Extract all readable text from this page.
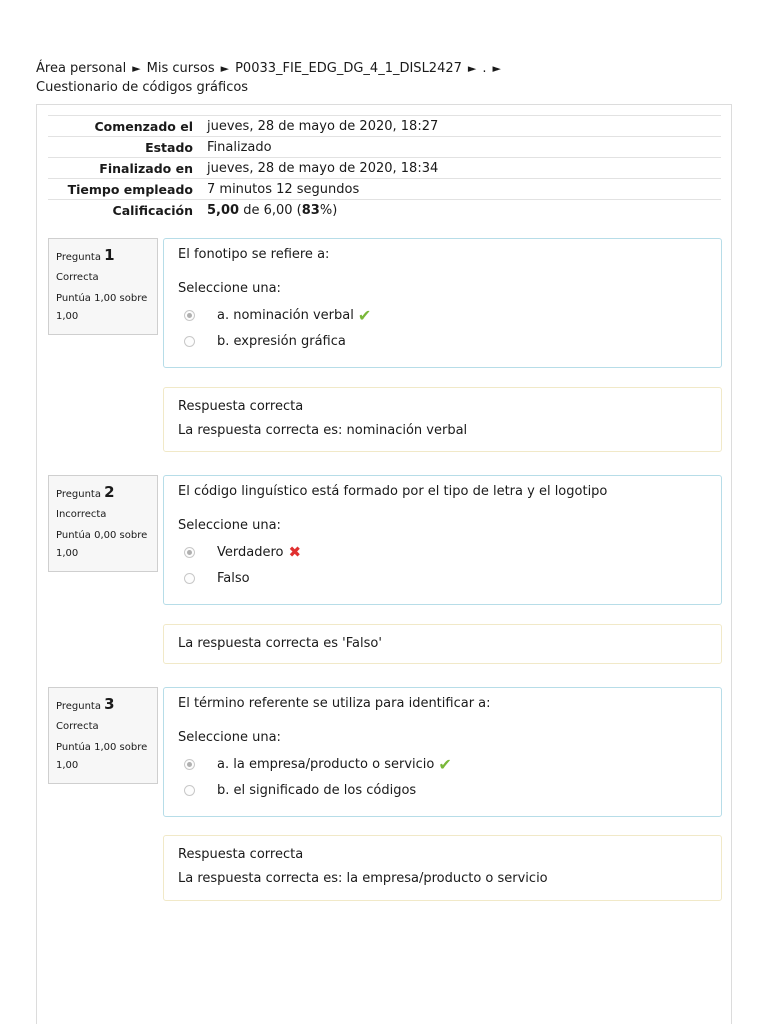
Área personal ► Mis cursos ► P0033_FIE_EDG_DG_4_1_DISL2427 ► . ►
Cuestionario de códigos gráficos
Comenzado el	jueves, 28 de mayo de 2020, 18:27
Estado	Finalizado
Finalizado en	jueves, 28 de mayo de 2020, 18:34
Tiempo empleado	7 minutos 12 segundos
Calificación	5,00 de 6,00 (83%)
Pregunta 1
Correcta
Puntúa 1,00 sobre 1,00
El fonotipo se refiere a:
Seleccione una:
a. nominación verbal ✔
b. expresión gráfica
Respuesta correcta
La respuesta correcta es: nominación verbal
Pregunta 2
Incorrecta
Puntúa 0,00 sobre 1,00
El código linguístico está formado por el tipo de letra y el logotipo
Seleccione una:
Verdadero ✖
Falso
La respuesta correcta es 'Falso'
Pregunta 3
Correcta
Puntúa 1,00 sobre 1,00
El término referente se utiliza para identificar a:
Seleccione una:
a. la empresa/producto o servicio ✔
b. el significado de los códigos
Respuesta correcta
La respuesta correcta es: la empresa/producto o servicio
